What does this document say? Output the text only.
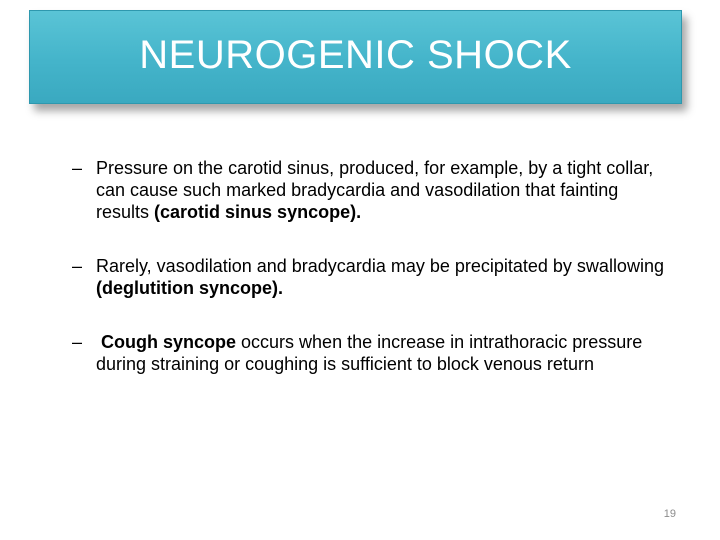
NEUROGENIC SHOCK
– Pressure on the carotid sinus, produced, for example, by a tight collar, can cause such marked bradycardia and vasodilation that fainting results (carotid sinus syncope).
– Rarely, vasodilation and bradycardia may be precipitated by swallowing (deglutition syncope).
– Cough syncope occurs when the increase in intrathoracic pressure during straining or coughing is sufficient to block venous return
19
